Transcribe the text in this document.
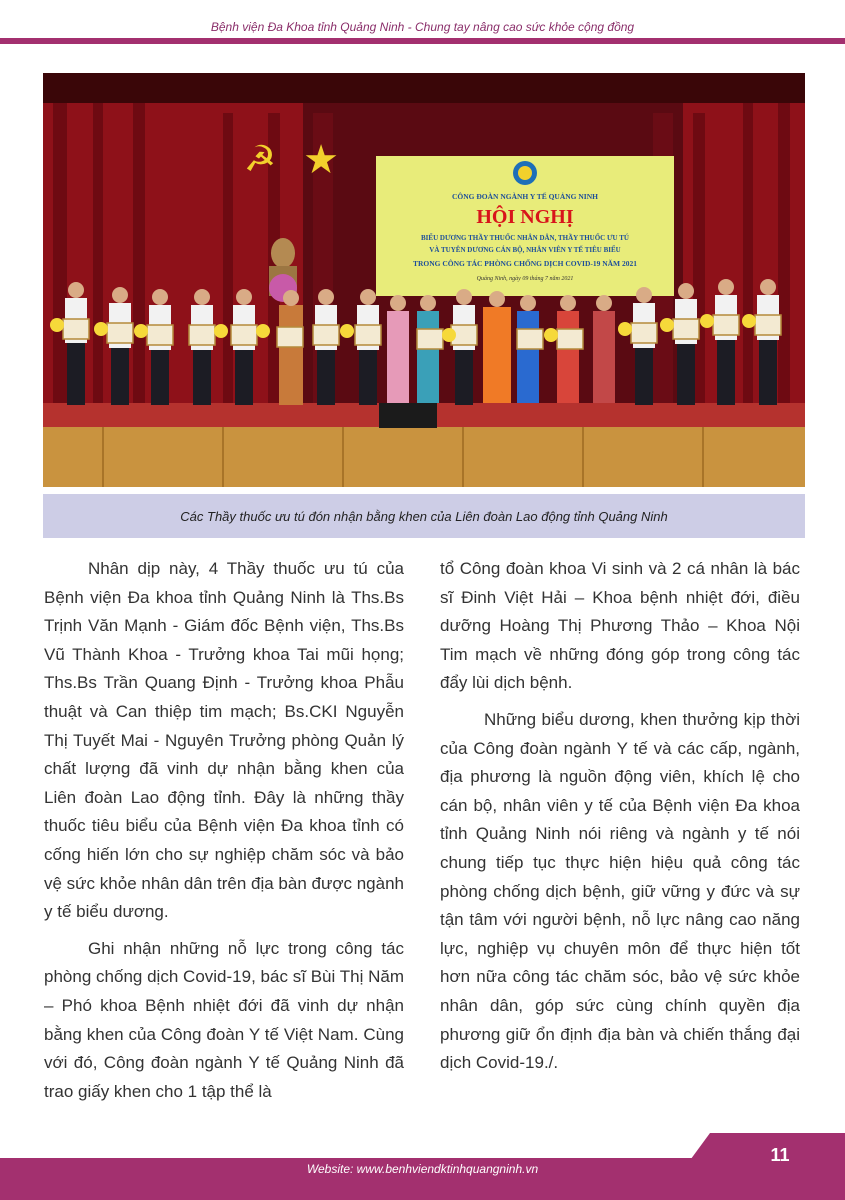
Bệnh viện Đa Khoa tỉnh Quảng Ninh - Chung tay nâng cao sức khỏe cộng đồng
☭ ★
CÔNG ĐOÀN NGÀNH Y TẾ QUẢNG NINH
HỘI NGHỊ
BIỂU DƯƠNG THẦY THUỐC NHÂN DÂN, THẦY THUỐC ƯU TÚ
VÀ TUYÊN DƯƠNG CÁN BỘ, NHÂN VIÊN Y TẾ TIÊU BIỂU
TRONG CÔNG TÁC PHÒNG CHỐNG DỊCH COVID-19 NĂM 2021
Quảng Ninh, ngày 09 tháng 7 năm 2021
Các Thầy thuốc ưu tú đón nhận bằng khen của Liên đoàn Lao động tỉnh Quảng Ninh

Nhân dịp này, 4 Thầy thuốc ưu tú của Bệnh viện Đa khoa tỉnh Quảng Ninh là Ths.Bs Trịnh Văn Mạnh - Giám đốc Bệnh viện, Ths.Bs Vũ Thành Khoa - Trưởng khoa Tai mũi họng; Ths.Bs Trần Quang Định - Trưởng khoa Phẫu thuật và Can thiệp tim mạch; Bs.CKI Nguyễn Thị Tuyết Mai - Nguyên Trưởng phòng Quản lý chất lượng đã vinh dự nhận bằng khen của Liên đoàn Lao động tỉnh. Đây là những thầy thuốc tiêu biểu của Bệnh viện Đa khoa tỉnh có cống hiến lớn cho sự nghiệp chăm sóc và bảo vệ sức khỏe nhân dân trên địa bàn được ngành y tế biểu dương.

Ghi nhận những nỗ lực trong công tác phòng chống dịch Covid-19, bác sĩ Bùi Thị Năm – Phó khoa Bệnh nhiệt đới đã vinh dự nhận bằng khen của Công đoàn Y tế Việt Nam. Cùng với đó, Công đoàn ngành Y tế Quảng Ninh đã trao giấy khen cho 1 tập thể là

tổ Công đoàn khoa Vi sinh và 2 cá nhân là bác sĩ Đinh Việt Hải – Khoa bệnh nhiệt đới, điều dưỡng Hoàng Thị Phương Thảo – Khoa Nội Tim mạch về những đóng góp trong công tác đẩy lùi dịch bệnh.

Những biểu dương, khen thưởng kịp thời của Công đoàn ngành Y tế và các cấp, ngành, địa phương là nguồn động viên, khích lệ cho cán bộ, nhân viên y tế của Bệnh viện Đa khoa tỉnh Quảng Ninh nói riêng và ngành y tế nói chung tiếp tục thực hiện hiệu quả công tác phòng chống dịch bệnh, giữ vững y đức và sự tận tâm với người bệnh, nỗ lực nâng cao năng lực, nghiệp vụ chuyên môn để thực hiện tốt hơn nữa công tác chăm sóc, bảo vệ sức khỏe nhân dân, góp sức cùng chính quyền địa phương giữ ổn định địa bàn và chiến thắng đại dịch Covid-19./.

11
Website: www.benhviendktinhquangninh.vn
